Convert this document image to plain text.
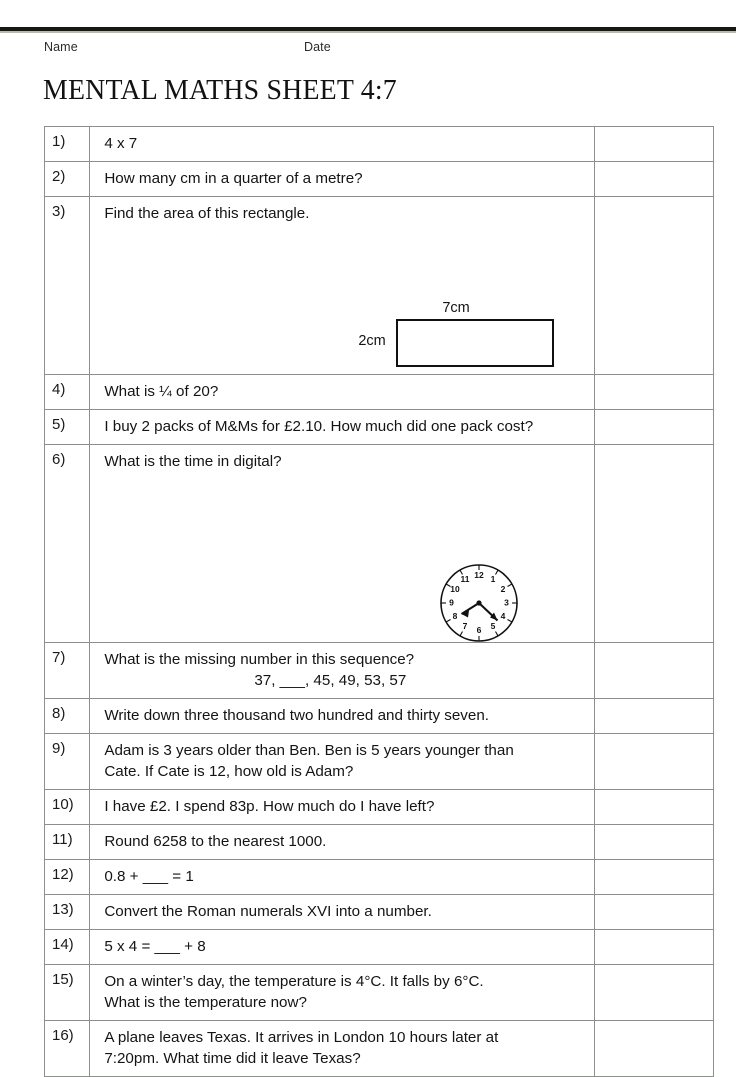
Name	Date
MENTAL MATHS SHEET 4:7
1)	4 x 7	

2)	How many cm in a quarter of a metre?	

3)	Find the area of this rectangle.
7cm
2cm	

4)	What is ¼ of 20?	

5)	I buy 2 packs of M&Ms for £2.10. How much did one pack cost?	

6)	What is the time in digital?
12 1
2
3
4
5
6
7
8
9
10
11

7)	What is the missing number in this sequence?
37, ___, 45, 49, 53, 57	

8)	Write down three thousand two hundred and thirty seven.	

9)	Adam is 3 years older than Ben. Ben is 5 years younger than
Cate. If Cate is 12, how old is Adam?	

10)	I have £2. I spend 83p. How much do I have left?	

11)	Round 6258 to the nearest 1000.	

12)	0.8 + ___ = 1	

13)	Convert the Roman numerals XVI into a number.	

14)	5 x 4 = ___ + 8	

15)	On a winter’s day, the temperature is 4°C. It falls by 6°C.
What is the temperature now?	

16)	A plane leaves Texas. It arrives in London 10 hours later at
7:20pm. What time did it leave Texas?	
